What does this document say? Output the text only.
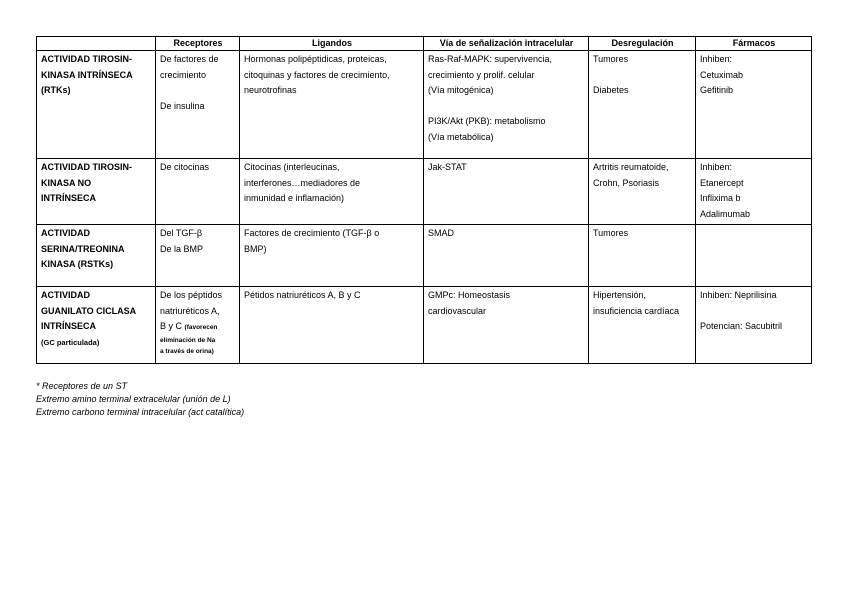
	Receptores	Ligandos	Vía de señalización intracelular	Desregulación	Fármacos

ACTIVIDAD TIROSIN-
KINASA INTRÍNSECA
(RTKs)	De factores de
crecimiento
De insulina	Hormonas polipéptidicas, proteicas,
citoquinas y factores de crecimiento,
neurotrofinas	Ras-Raf-MAPK: supervivencia,
crecimiento y prolif. celular
(Vía mitogénica)
PI3K/Akt (PKB): metabolismo
(Vía metabólica)	Tumores
Diabetes	Inhiben:
Cetuximab
Gefitinib

ACTIVIDAD TIROSIN-
KINASA NO
INTRÍNSECA	De citocinas	Citocinas (interleucinas,
interferones…mediadores de
inmunidad e inflamación)	Jak-STAT	Artritis reumatoide,
Crohn, Psoriasis	Inhiben:
Etanercept
Inflixima b
Adalimumab

ACTIVIDAD
SERINA/TREONINA
KINASA (RSTKs)	Del TGF-β
De la BMP	Factores de crecimiento (TGF-β o
BMP)	SMAD	Tumores	

ACTIVIDAD
GUANILATO CICLASA
INTRÍNSECA
(GC particulada)	De los péptidos
natriuréticos A,
B y C (favorecen
eliminación de Na
a través de orina)	Pétidos natriuréticos A, B y C	GMPc: Homeostasis
cardiovascular	Hipertensión,
insuficiencia cardíaca	Inhiben: Neprilisina
Potencian: Sacubitril
* Receptores de un ST
Extremo amino terminal extracelular (unión de L)
Extremo carbono terminal intracelular (act catalítica)
